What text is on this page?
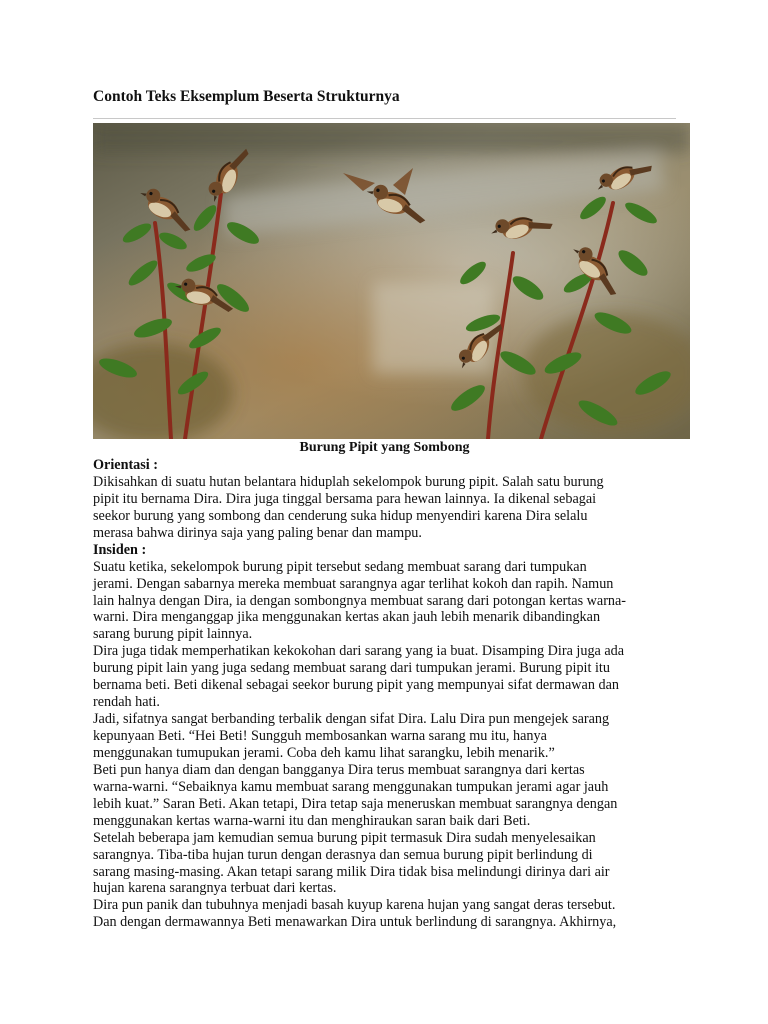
Contoh Teks Eksemplum Beserta Strukturnya
Burung Pipit yang Sombong
Orientasi :
Dikisahkan di suatu hutan belantara hiduplah sekelompok burung pipit. Salah satu burung
pipit itu bernama Dira. Dira juga tinggal bersama para hewan lainnya. Ia dikenal sebagai
seekor burung yang sombong dan cenderung suka hidup menyendiri karena Dira selalu
merasa bahwa dirinya saja yang paling benar dan mampu.
Insiden :
Suatu ketika, sekelompok burung pipit tersebut sedang membuat sarang dari tumpukan
jerami. Dengan sabarnya mereka membuat sarangnya agar terlihat kokoh dan rapih. Namun
lain halnya dengan Dira, ia dengan sombongnya membuat sarang dari potongan kertas warna-
warni. Dira menganggap jika menggunakan kertas akan jauh lebih menarik dibandingkan
sarang burung pipit lainnya.
Dira juga tidak memperhatikan kekokohan dari sarang yang ia buat. Disamping Dira juga ada
burung pipit lain yang juga sedang membuat sarang dari tumpukan jerami. Burung pipit itu
bernama beti. Beti dikenal sebagai seekor burung pipit yang mempunyai sifat dermawan dan
rendah hati.
Jadi, sifatnya sangat berbanding terbalik dengan sifat Dira. Lalu Dira pun mengejek sarang
kepunyaan Beti. “Hei Beti! Sungguh membosankan warna sarang mu itu, hanya
menggunakan tumupukan jerami. Coba deh kamu lihat sarangku, lebih menarik.”
Beti pun hanya diam dan dengan bangganya Dira terus membuat sarangnya dari kertas
warna-warni. “Sebaiknya kamu membuat sarang menggunakan tumpukan jerami agar jauh
lebih kuat.” Saran Beti. Akan tetapi, Dira tetap saja meneruskan membuat sarangnya dengan
menggunakan kertas warna-warni itu dan menghiraukan saran baik dari Beti.
Setelah beberapa jam kemudian semua burung pipit termasuk Dira sudah menyelesaikan
sarangnya. Tiba-tiba hujan turun dengan derasnya dan semua burung pipit berlindung di
sarang masing-masing. Akan tetapi sarang milik Dira tidak bisa melindungi dirinya dari air
hujan karena sarangnya terbuat dari kertas.
Dira pun panik dan tubuhnya menjadi basah kuyup karena hujan yang sangat deras tersebut.
Dan dengan dermawannya Beti menawarkan Dira untuk berlindung di sarangnya. Akhirnya,
